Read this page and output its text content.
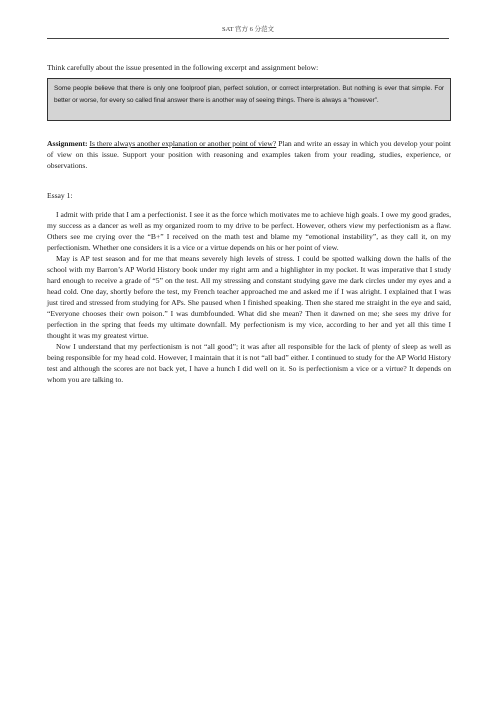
SAT 官方 6 分范文
Think carefully about the issue presented in the following excerpt and assignment below:
Some people believe that there is only one foolproof plan, perfect solution, or correct interpretation. But nothing is ever that simple. For better or worse, for every so called final answer there is another way of seeing things. There is always a “however”.
Assignment: Is there always another explanation or another point of view? Plan and write an essay in which you develop your point of view on this issue. Support your position with reasoning and examples taken from your reading, studies, experience, or observations.
Essay 1:

I admit with pride that I am a perfectionist. I see it as the force which motivates me to achieve high goals. I owe my good grades, my success as a dancer as well as my organized room to my drive to be perfect. However, others view my perfectionism as a flaw. Others see me crying over the “B+” I received on the math test and blame my “emotional instability”, as they call it, on my perfectionism. Whether one considers it is a vice or a virtue depends on his or her point of view.

May is AP test season and for me that means severely high levels of stress. I could be spotted walking down the halls of the school with my Barron’s AP World History book under my right arm and a highlighter in my pocket. It was imperative that I study hard enough to receive a grade of “5” on the test. All my stressing and constant studying gave me dark circles under my eyes and a head cold. One day, shortly before the test, my French teacher approached me and asked me if I was alright. I explained that I was just tired and stressed from studying for APs. She paused when I finished speaking. Then she stared me straight in the eye and said, “Everyone chooses their own poison.” I was dumbfounded. What did she mean? Then it dawned on me; she sees my drive for perfection in the spring that feeds my ultimate downfall. My perfectionism is my vice, according to her and yet all this time I thought it was my greatest virtue.

Now I understand that my perfectionism is not “all good”; it was after all responsible for the lack of plenty of sleep as well as being responsible for my head cold. However, I maintain that it is not “all bad” either. I continued to study for the AP World History test and although the scores are not back yet, I have a hunch I did well on it. So is perfectionism a vice or a virtue? It depends on whom you are talking to.
